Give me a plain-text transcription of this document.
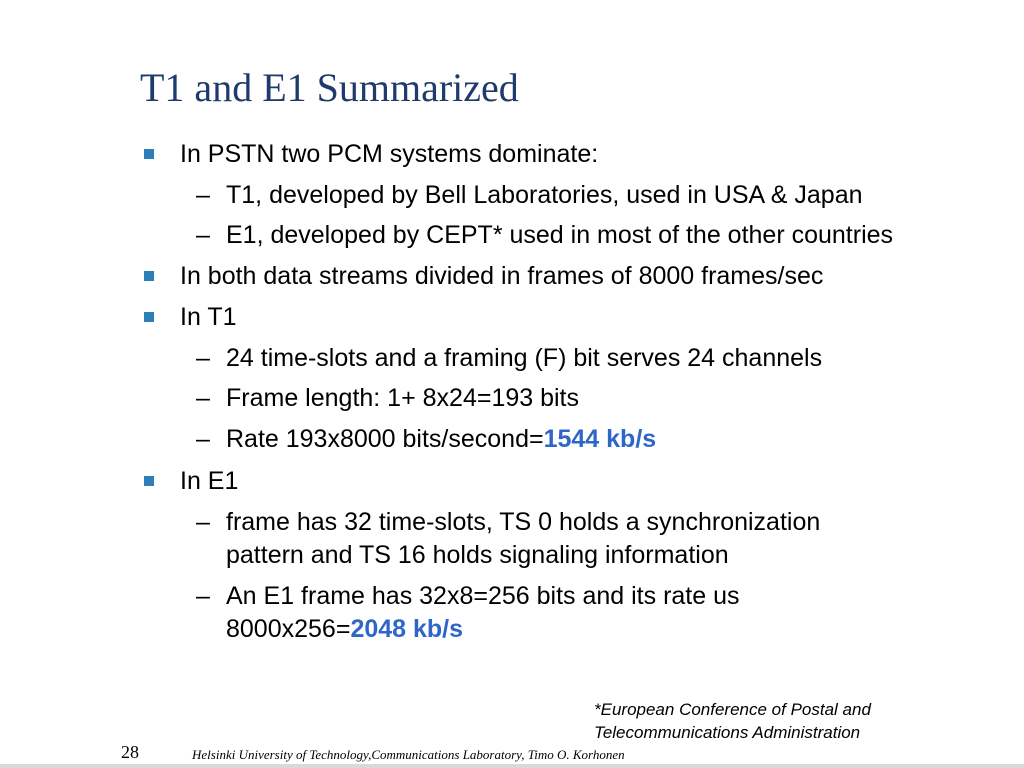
T1 and E1 Summarized
In PSTN two PCM systems dominate:
– T1, developed by Bell Laboratories, used in USA & Japan
– E1, developed by CEPT* used in most of the other countries
In both data streams divided in frames of 8000 frames/sec
In T1
– 24 time-slots and a framing (F) bit serves 24 channels
– Frame length: 1+ 8x24=193 bits
– Rate 193x8000 bits/second=1544 kb/s
In E1
– frame has 32 time-slots, TS 0 holds a synchronization
pattern and TS 16 holds signaling information
– An E1 frame has 32x8=256 bits and its rate us
8000x256=2048 kb/s
*European Conference of Postal and
Telecommunications Administration
28	Helsinki University of Technology,Communications Laboratory, Timo O. Korhonen
